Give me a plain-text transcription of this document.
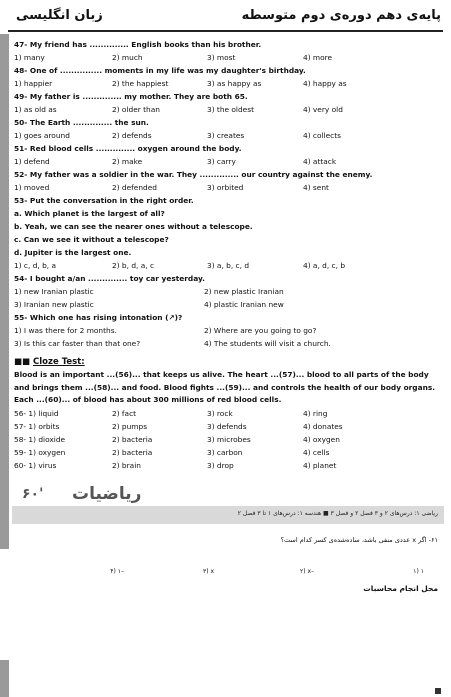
زبان انگلیسی	پایه‌ی دهم دوره‌ی دوم متوسطه
47- My friend has .............. English books than his brother.
1) many	2) much	3) most	4) more
48- One of ............... moments in my life was my daughter's birthday.
1) happier	2) the happiest	3) as happy as	4) happy as
49- My father is .............. my mother. They are both 65.
1) as old as	2) older than	3) the oldest	4) very old
50- The Earth .............. the sun.
1) goes around	2) defends	3) creates	4) collects
51- Red blood cells .............. oxygen around the body.
1) defend	2) make	3) carry	4) attack
52- My father was a soldier in the war. They .............. our country against the enemy.
1) moved	2) defended	3) orbited	4) sent
53- Put the conversation in the right order.
a. Which planet is the largest of all?
b. Yeah, we can see the nearer ones without a telescope.
c. Can we see it without a telescope?
d. Jupiter is the largest one.
1) c, d, b, a	2) b, d, a, c	3) a, b, c, d	4) a, d, c, b
54- I bought a/an .............. toy car yesterday.
1) new Iranian plastic	2) new plastic Iranian
3) Iranian new plastic	4) plastic Iranian new
55- Which one has rising intonation (↗)?
1) I was there for 2 months.	2) Where are you going to go?
3) Is this car faster than that one?	4) The students will visit a church.
■■ Cloze Test:
Blood is an important ...(56)... that keeps us alive. The heart ...(57)... blood to all parts of the body and brings them ...(58)... and food. Blood fights ...(59)... and controls the health of our body organs. Each ...(60)... of blood has about 300 millions of red blood cells.
56- 1) liquid	2) fact	3) rock	4) ring
57- 1) orbits	2) pumps	3) defends	4) donates
58- 1) dioxide	2) bacteria	3) microbes	4) oxygen
59- 1) oxygen	2) bacteria	3) carbon	4) cells
60- 1) virus	2) brain	3) drop	4) planet
۶۰' ریاضیات
ریاضی ۱: درس‌های ۲ و ۳ فصل ۲ و فصل ۳ ■ هندسه ۱: درس‌های ۱ تا ۳ فصل ۲
۶۱- اگر x عددی منفی باشد، ساده‌شده‌ی کسر کدام است؟
۱) ۱
۲) x–
۳) x
۴) ۱–
محل انجام محاسبات
